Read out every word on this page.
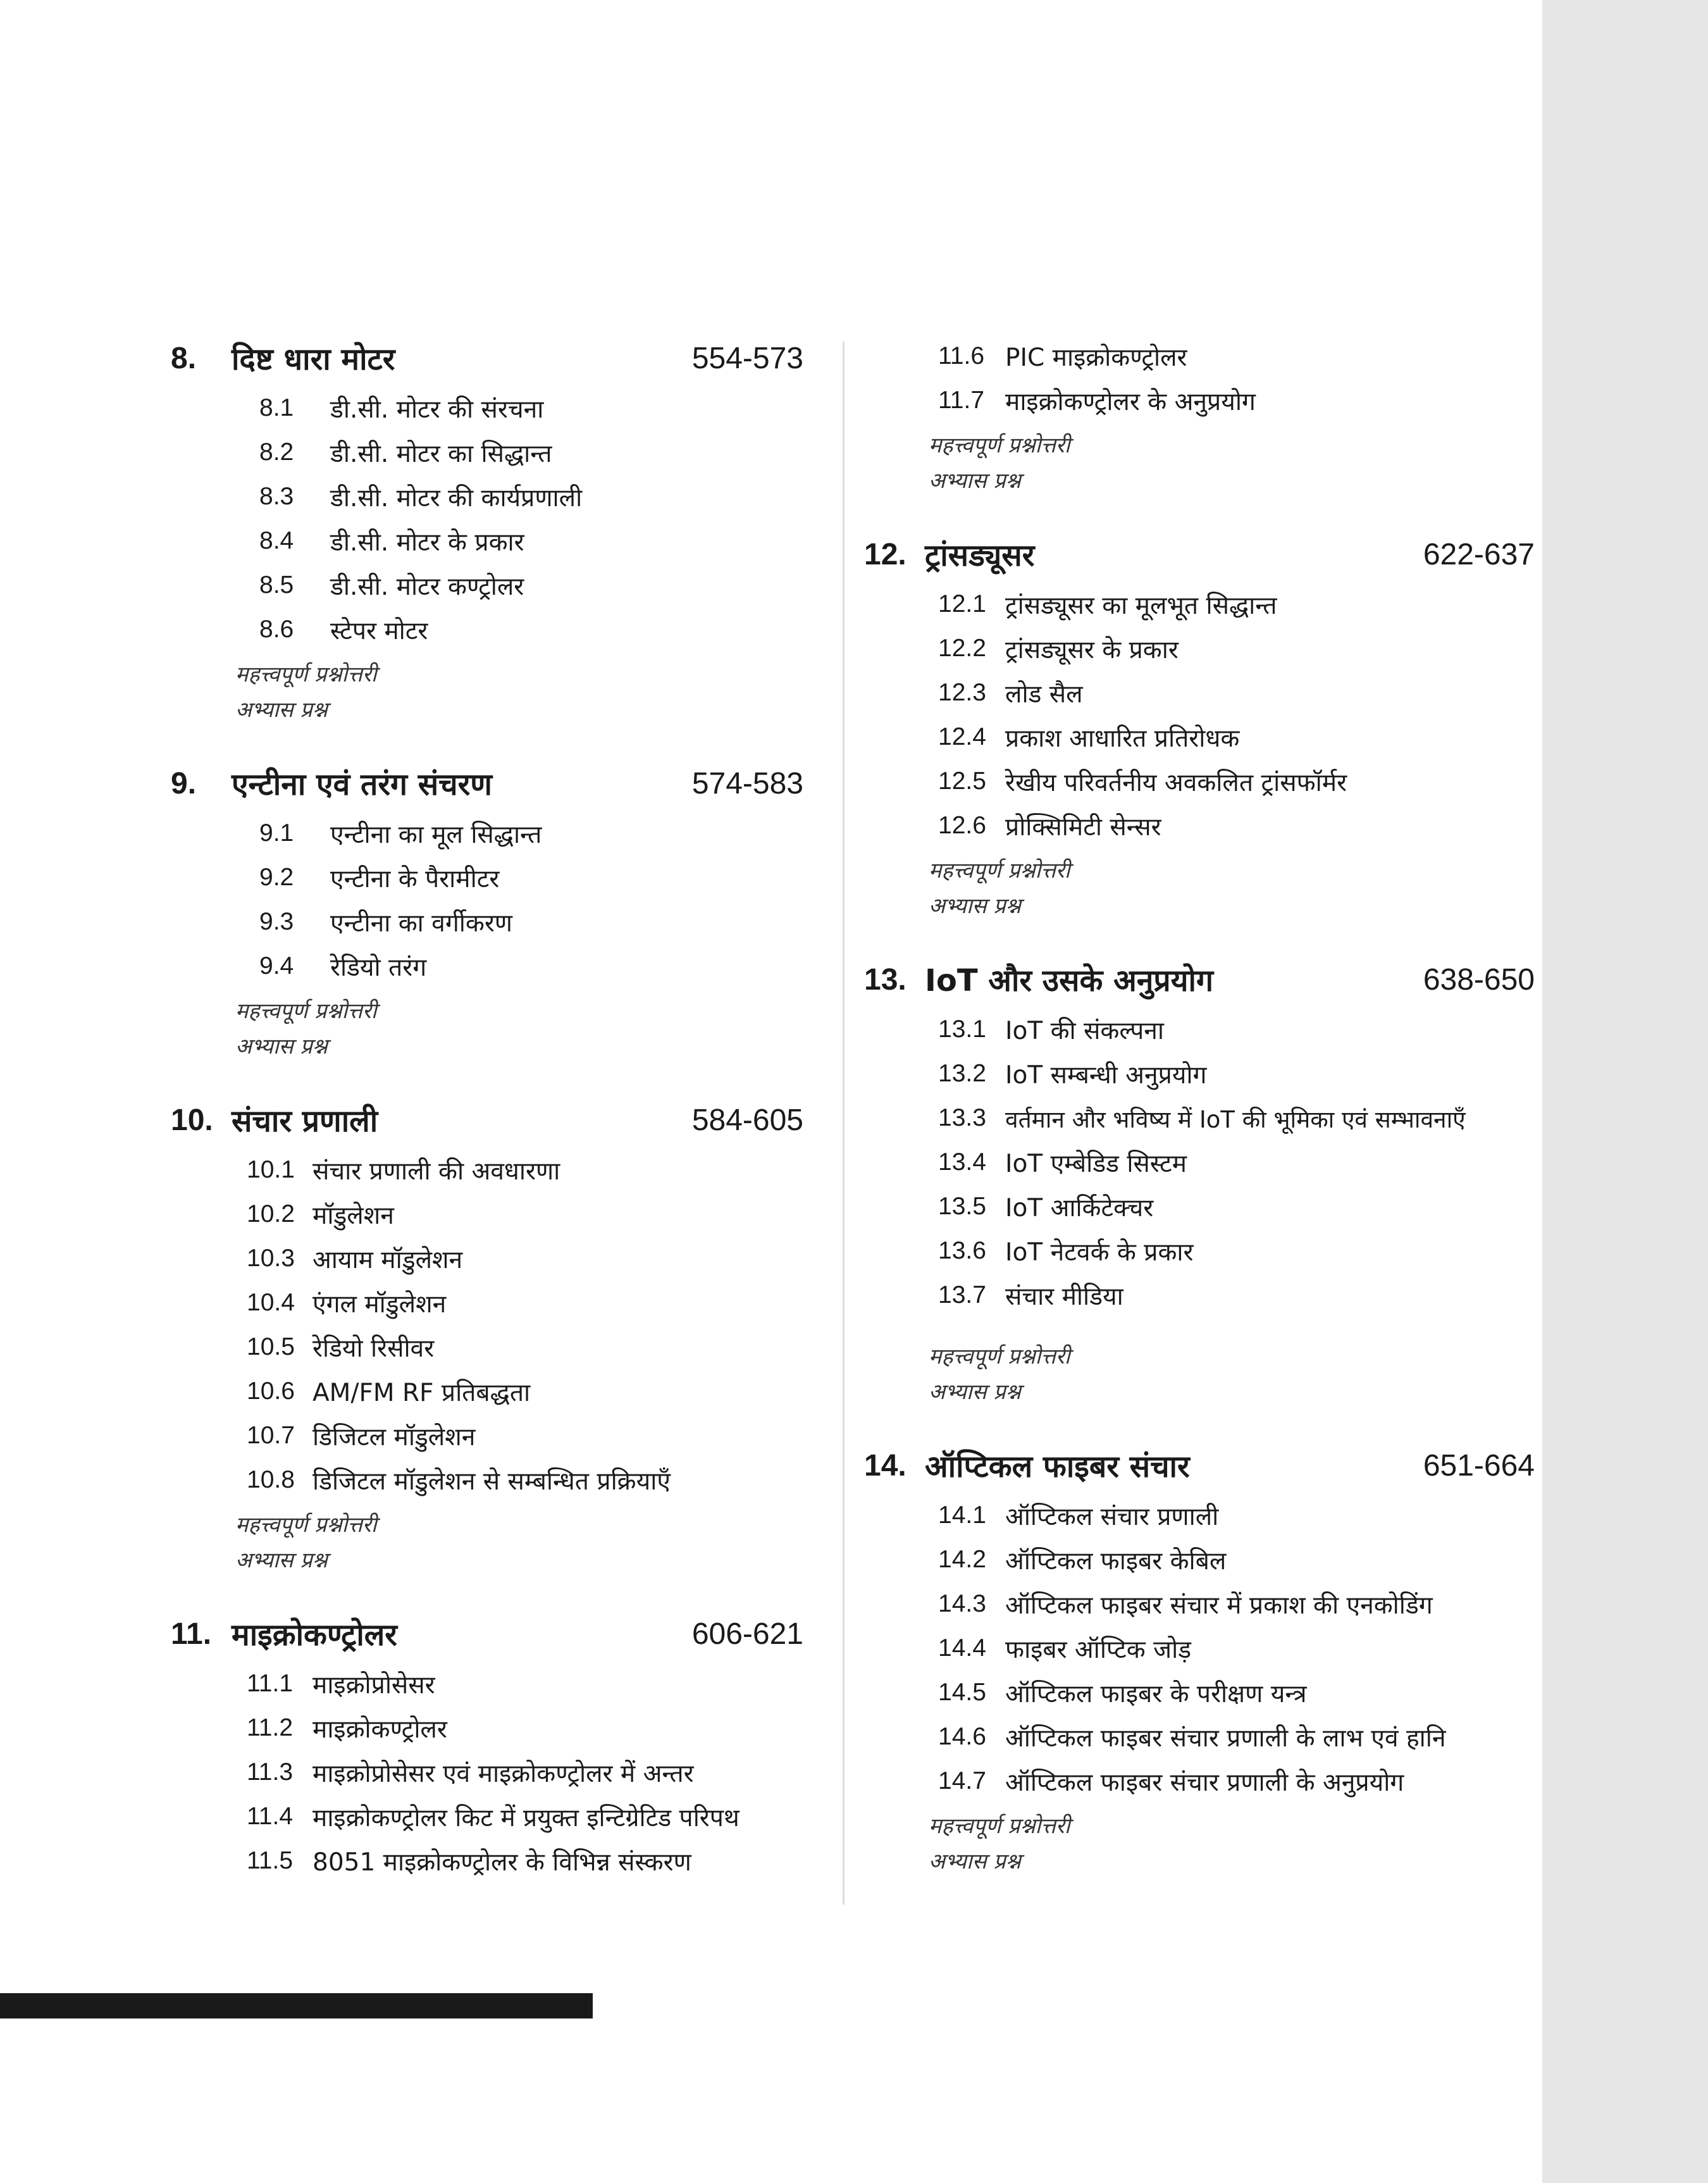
8.	दिष्ट धारा मोटर	554-573
8.1	डी.सी. मोटर की संरचना
8.2	डी.सी. मोटर का सिद्धान्त
8.3	डी.सी. मोटर की कार्यप्रणाली
8.4	डी.सी. मोटर के प्रकार
8.5	डी.सी. मोटर कण्ट्रोलर
8.6	स्टेपर मोटर
महत्त्वपूर्ण प्रश्नोत्तरी
अभ्यास प्रश्न
9.	एन्टीना एवं तरंग संचरण	574-583
9.1	एन्टीना का मूल सिद्धान्त
9.2	एन्टीना के पैरामीटर
9.3	एन्टीना का वर्गीकरण
9.4	रेडियो तरंग
महत्त्वपूर्ण प्रश्नोत्तरी
अभ्यास प्रश्न
10. संचार प्रणाली	584-605
10.1 संचार प्रणाली की अवधारणा
10.2 मॉडुलेशन
10.3 आयाम मॉडुलेशन
10.4 एंगल मॉडुलेशन
10.5 रेडियो रिसीवर
10.6 AM/FM RF प्रतिबद्धता
10.7 डिजिटल मॉडुलेशन
10.8 डिजिटल मॉडुलेशन से सम्बन्धित प्रक्रियाएँ
महत्त्वपूर्ण प्रश्नोत्तरी
अभ्यास प्रश्न
11. माइक्रोकण्ट्रोलर	606-621
11.1 माइक्रोप्रोसेसर
11.2 माइक्रोकण्ट्रोलर
11.3 माइक्रोप्रोसेसर एवं माइक्रोकण्ट्रोलर में अन्तर
11.4 माइक्रोकण्ट्रोलर किट में प्रयुक्त इन्टिग्रेटिड परिपथ
11.5 8051 माइक्रोकण्ट्रोलर के विभिन्न संस्करण
11.6 PIC माइक्रोकण्ट्रोलर
11.7 माइक्रोकण्ट्रोलर के अनुप्रयोग
महत्त्वपूर्ण प्रश्नोत्तरी
अभ्यास प्रश्न
12. ट्रांसड्यूसर	622-637
12.1 ट्रांसड्यूसर का मूलभूत सिद्धान्त
12.2 ट्रांसड्यूसर के प्रकार
12.3 लोड सैल
12.4 प्रकाश आधारित प्रतिरोधक
12.5 रेखीय परिवर्तनीय अवकलित ट्रांसफॉर्मर
12.6 प्रोक्सिमिटी सेन्सर
महत्त्वपूर्ण प्रश्नोत्तरी
अभ्यास प्रश्न
13. IoT और उसके अनुप्रयोग	638-650
13.1 IoT की संकल्पना
13.2 IoT सम्बन्धी अनुप्रयोग
13.3 वर्तमान और भविष्य में IoT की भूमिका एवं सम्भावनाएँ
13.4 IoT एम्बेडिड सिस्टम
13.5 IoT आर्किटेक्चर
13.6 IoT नेटवर्क के प्रकार
13.7 संचार मीडिया
महत्त्वपूर्ण प्रश्नोत्तरी
अभ्यास प्रश्न
14. ऑप्टिकल फाइबर संचार	651-664
14.1 ऑप्टिकल संचार प्रणाली
14.2 ऑप्टिकल फाइबर केबिल
14.3 ऑप्टिकल फाइबर संचार में प्रकाश की एनकोडिंग
14.4 फाइबर ऑप्टिक जोड़
14.5 ऑप्टिकल फाइबर के परीक्षण यन्त्र
14.6 ऑप्टिकल फाइबर संचार प्रणाली के लाभ एवं हानि
14.7 ऑप्टिकल फाइबर संचार प्रणाली के अनुप्रयोग
महत्त्वपूर्ण प्रश्नोत्तरी
अभ्यास प्रश्न
